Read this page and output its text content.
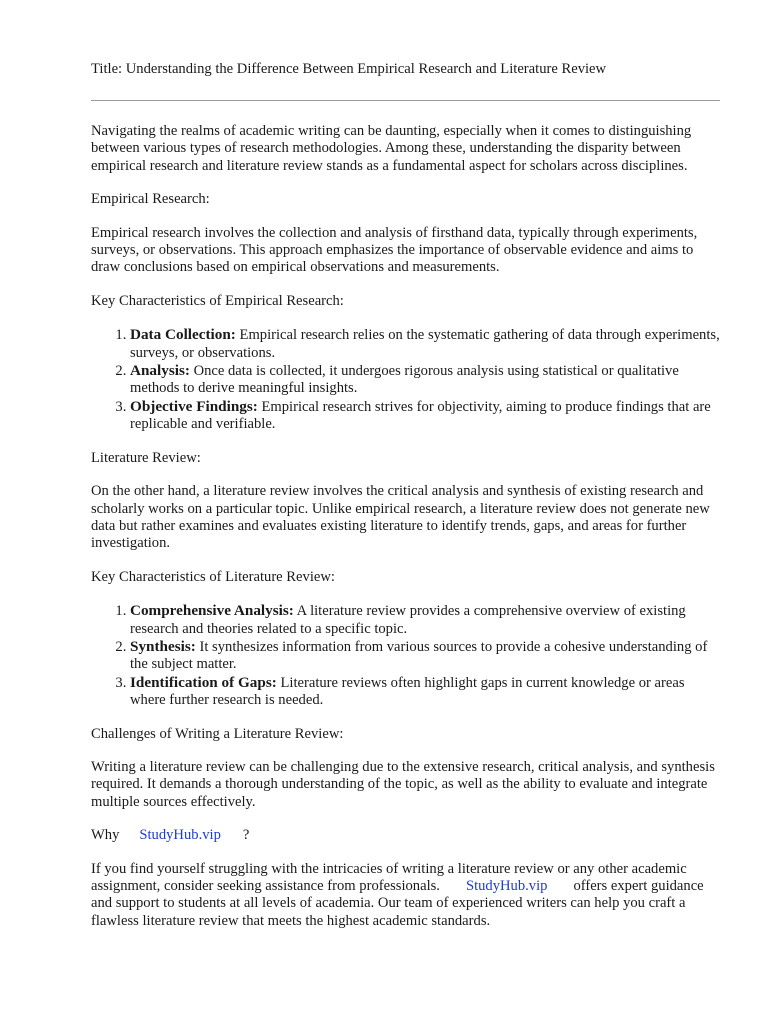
Title: Understanding the Difference Between Empirical Research and Literature Review

Navigating the realms of academic writing can be daunting, especially when it comes to distinguishing between various types of research methodologies. Among these, understanding the disparity between empirical research and literature review stands as a fundamental aspect for scholars across disciplines.

Empirical Research:

Empirical research involves the collection and analysis of firsthand data, typically through experiments, surveys, or observations. This approach emphasizes the importance of observable evidence and aims to draw conclusions based on empirical observations and measurements.

Key Characteristics of Empirical Research:

1. Data Collection: Empirical research relies on the systematic gathering of data through experiments, surveys, or observations.
2. Analysis: Once data is collected, it undergoes rigorous analysis using statistical or qualitative methods to derive meaningful insights.
3. Objective Findings: Empirical research strives for objectivity, aiming to produce findings that are replicable and verifiable.

Literature Review:

On the other hand, a literature review involves the critical analysis and synthesis of existing research and scholarly works on a particular topic. Unlike empirical research, a literature review does not generate new data but rather examines and evaluates existing literature to identify trends, gaps, and areas for further investigation.

Key Characteristics of Literature Review:

1. Comprehensive Analysis: A literature review provides a comprehensive overview of existing research and theories related to a specific topic.
2. Synthesis: It synthesizes information from various sources to provide a cohesive understanding of the subject matter.
3. Identification of Gaps: Literature reviews often highlight gaps in current knowledge or areas where further research is needed.

Challenges of Writing a Literature Review:

Writing a literature review can be challenging due to the extensive research, critical analysis, and synthesis required. It demands a thorough understanding of the topic, as well as the ability to evaluate and integrate multiple sources effectively.

Why StudyHub.vip ?

If you find yourself struggling with the intricacies of writing a literature review or any other academic assignment, consider seeking assistance from professionals. StudyHub.vip offers expert guidance and support to students at all levels of academia. Our team of experienced writers can help you craft a flawless literature review that meets the highest academic standards.
